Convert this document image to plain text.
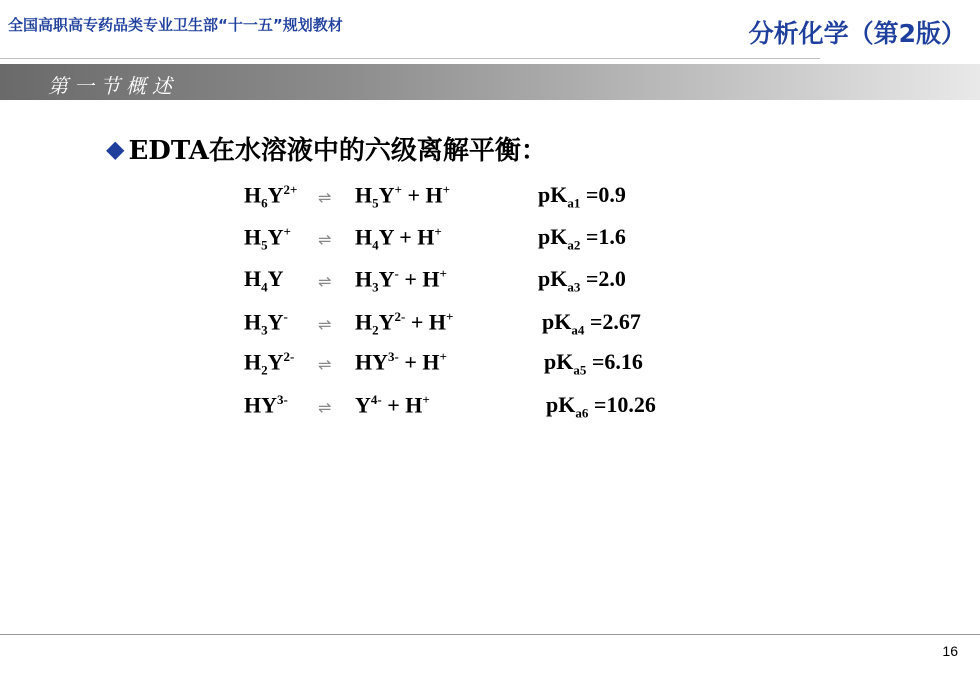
全国高职高专药品类专业卫生部“十一五”规划教材	分析化学（第2版）
第一节概述
◆ EDTA在水溶液中的六级离解平衡：
$H_6Y^{2+}$ ⇌ $H_5Y^+ + H^+$	$pK_{a1} =0.9$
$H_5Y^+$ ⇌ $H_4Y + H^+$	$pK_{a2} =1.6$
$H_4Y$ ⇌ $H_3Y^- + H^+$	$pK_{a3} =2.0$
$H_3Y^-$ ⇌ $H_2Y^{2-} + H^+$	$pK_{a4} =2.67$
$H_2Y^{2-}$ ⇌ $HY^{3-} + H^+$	$pK_{a5} =6.16$
$HY^{3-}$ ⇌ $Y^{4-} + H^+$	$pK_{a6} =10.26$
16
